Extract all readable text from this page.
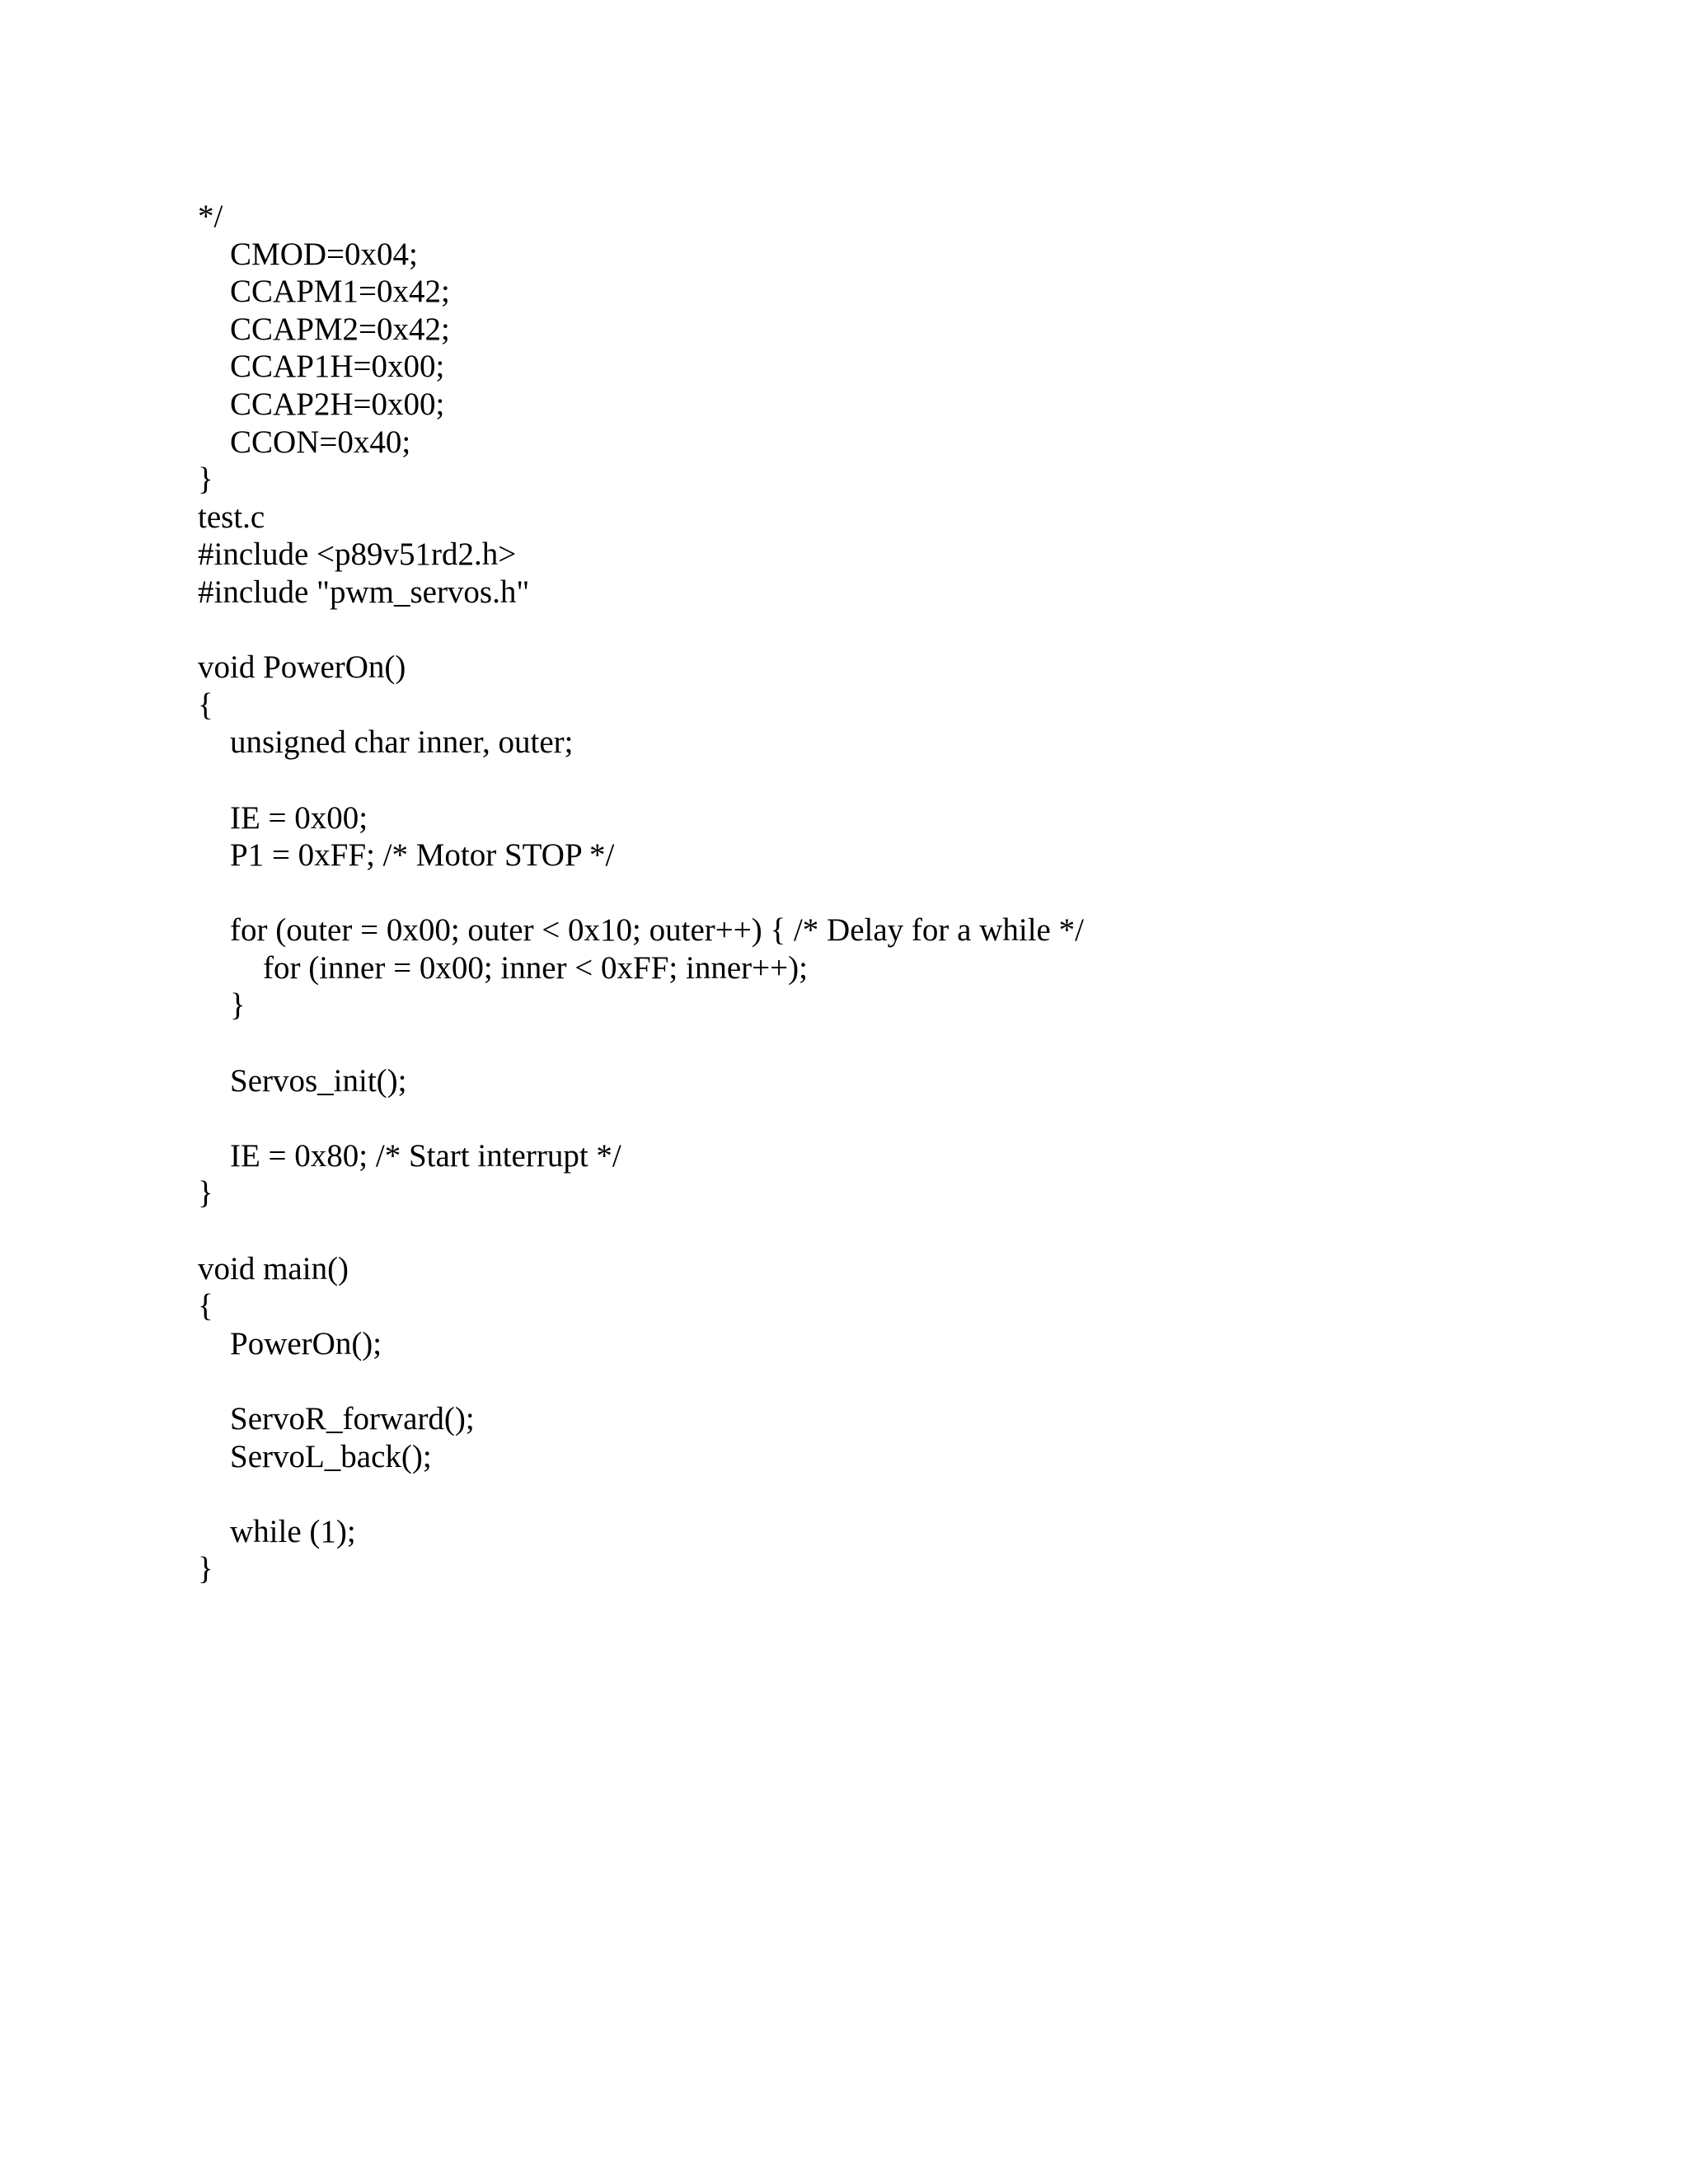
*/
CMOD=0x04;
CCAPM1=0x42;
CCAPM2=0x42;
CCAP1H=0x00;
CCAP2H=0x00;
CCON=0x40;
}
test.c
#include <p89v51rd2.h>
#include "pwm_servos.h"
void PowerOn()
{
unsigned char inner, outer;
IE = 0x00;
P1 = 0xFF; /* Motor STOP */
for (outer = 0x00; outer < 0x10; outer++) { /* Delay for a while */
for (inner = 0x00; inner < 0xFF; inner++);
}
Servos_init();
IE = 0x80; /* Start interrupt */
}
void main()
{
PowerOn();
ServoR_forward();
ServoL_back();
while (1);
}
